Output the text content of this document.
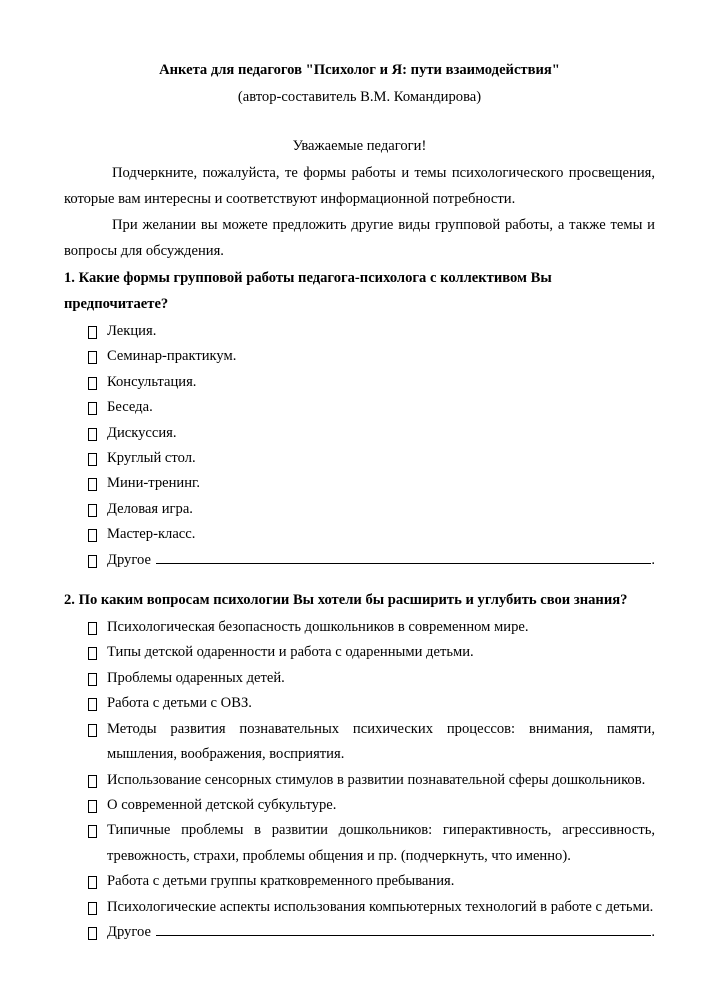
Анкета для педагогов "Психолог и Я: пути взаимодействия"
(автор-составитель В.М. Командирова)
Уважаемые педагоги!

Подчеркните, пожалуйста, те формы работы и темы психологического просвещения, которые вам интересны и соответствуют информационной потребности.

При желании вы можете предложить другие виды групповой работы, а также темы и вопросы для обсуждения.

1. Какие формы групповой работы педагога-психолога с коллективом Вы предпочитаете?
Лекция.
Семинар-практикум.
Консультация.
Беседа.
Дискуссия.
Круглый стол.
Мини-тренинг.
Деловая игра.
Мастер-класс.
Другое	.
2. По каким вопросам психологии Вы хотели бы расширить и углубить свои знания?
Психологическая безопасность дошкольников в современном мире.
Типы детской одаренности и работа с одаренными детьми.
Проблемы одаренных детей.
Работа с детьми с ОВЗ.
Методы развития познавательных психических процессов: внимания, памяти, мышления, воображения, восприятия.
Использование сенсорных стимулов в развитии познавательной сферы дошкольников.
О современной детской субкультуре.
Типичные проблемы в развитии дошкольников: гиперактивность, агрессивность, тревожность, страхи, проблемы общения и пр. (подчеркнуть, что именно).
Работа с детьми группы кратковременного пребывания.
Психологические аспекты использования компьютерных технологий в работе с детьми.
Другое	.
